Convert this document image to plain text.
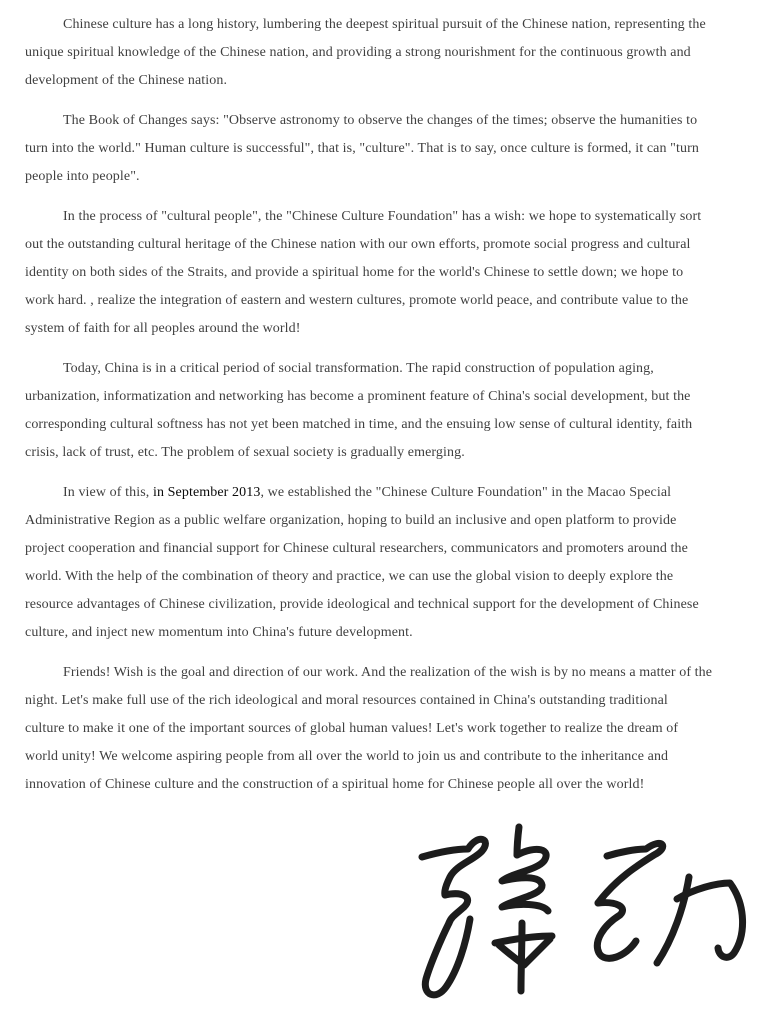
Chinese culture has a long history, lumbering the deepest spiritual pursuit of the Chinese nation, representing the
unique spiritual knowledge of the Chinese nation, and providing a strong nourishment for the continuous growth and
development of the Chinese nation.

The Book of Changes says: "Observe astronomy to observe the changes of the times; observe the humanities to
turn into the world." Human culture is successful", that is, "culture". That is to say, once culture is formed, it can "turn
people into people".

In the process of "cultural people", the "Chinese Culture Foundation" has a wish: we hope to systematically sort
out the outstanding cultural heritage of the Chinese nation with our own efforts, promote social progress and cultural
identity on both sides of the Straits, and provide a spiritual home for the world's Chinese to settle down; we hope to
work hard. , realize the integration of eastern and western cultures, promote world peace, and contribute value to the
system of faith for all peoples around the world!

Today, China is in a critical period of social transformation. The rapid construction of population aging,
urbanization, informatization and networking has become a prominent feature of China's social development, but the
corresponding cultural softness has not yet been matched in time, and the ensuing low sense of cultural identity, faith
crisis, lack of trust, etc. The problem of sexual society is gradually emerging.

In view of this, in September 2013, we established the "Chinese Culture Foundation" in the Macao Special
Administrative Region as a public welfare organization, hoping to build an inclusive and open platform to provide
project cooperation and financial support for Chinese cultural researchers, communicators and promoters around the
world. With the help of the combination of theory and practice, we can use the global vision to deeply explore the
resource advantages of Chinese civilization, provide ideological and technical support for the development of Chinese
culture, and inject new momentum into China's future development.

Friends! Wish is the goal and direction of our work. And the realization of the wish is by no means a matter of the
night. Let's make full use of the rich ideological and moral resources contained in China's outstanding traditional
culture to make it one of the important sources of global human values! Let's work together to realize the dream of
world unity! We welcome aspiring people from all over the world to join us and contribute to the inheritance and
innovation of Chinese culture and the construction of a spiritual home for Chinese people all over the world!
